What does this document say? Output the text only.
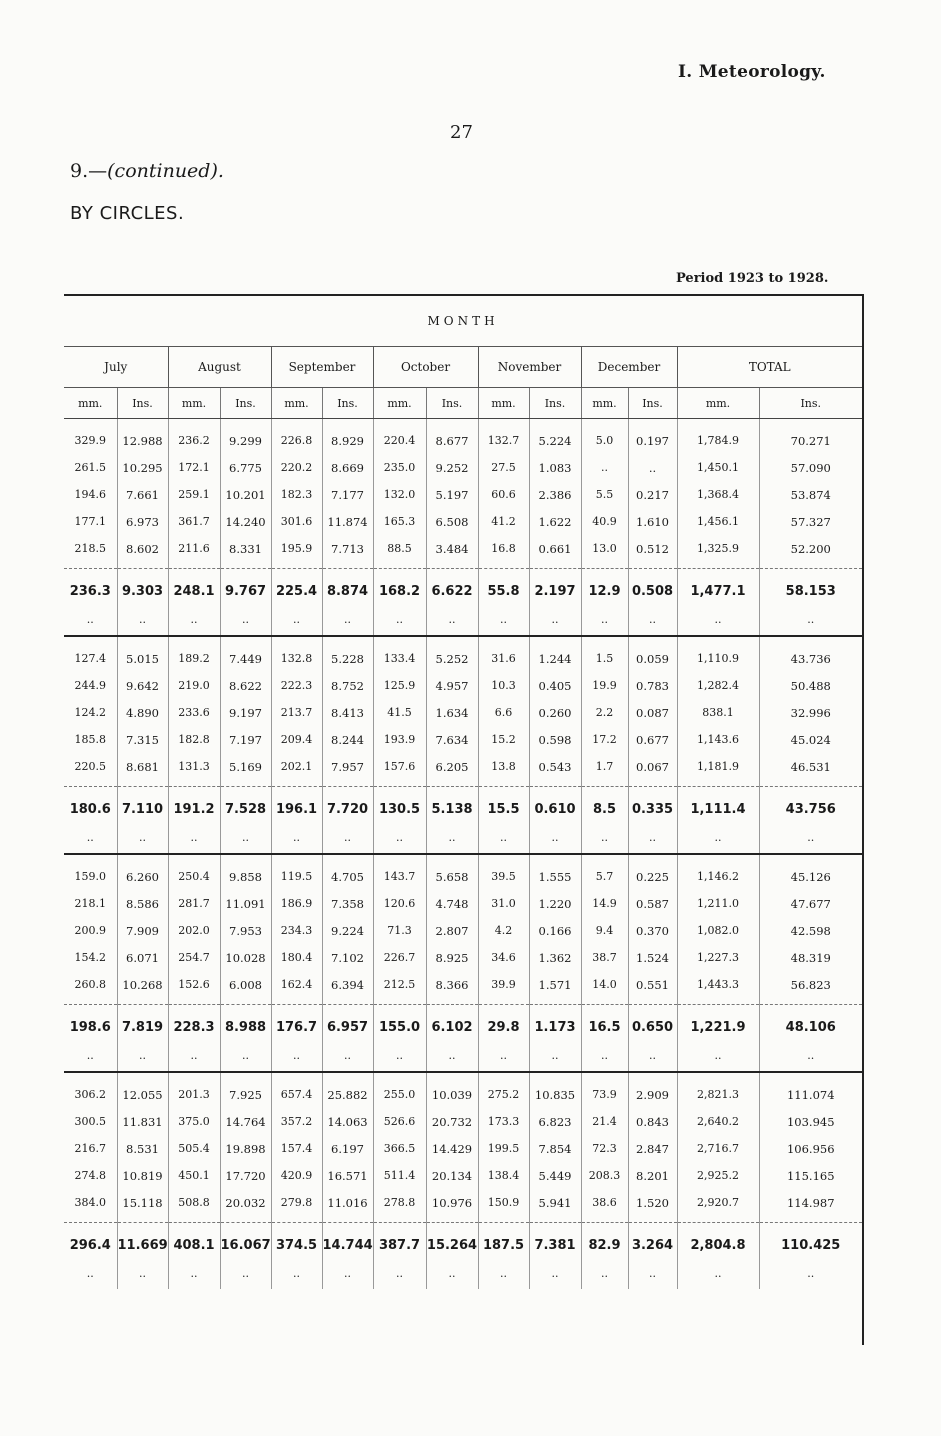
I. Meteorology.
27
9.—(continued).
BY CIRCLES.
Period 1923 to 1928.
MONTH													
July		August		September		October		November		December		TOTAL	
mm.	Ins.	mm.	Ins.	mm.	Ins.	mm.	Ins.	mm.	Ins.	mm.	Ins.	mm.	Ins.
329.9	12.988	236.2	9.299	226.8	8.929	220.4	8.677	132.7	5.224	5.0	0.197	1,784.9	70.271
261.5	10.295	172.1	6.775	220.2	8.669	235.0	9.252	27.5	1.083	..	..	1,450.1	57.090
194.6	7.661	259.1	10.201	182.3	7.177	132.0	5.197	60.6	2.386	5.5	0.217	1,368.4	53.874
177.1	6.973	361.7	14.240	301.6	11.874	165.3	6.508	41.2	1.622	40.9	1.610	1,456.1	57.327
218.5	8.602	211.6	8.331	195.9	7.713	88.5	3.484	16.8	0.661	13.0	0.512	1,325.9	52.200
236.3	9.303	248.1	9.767	225.4	8.874	168.2	6.622	55.8	2.197	12.9	0.508	1,477.1	58.153
..	..	..	..	..	..	..	..	..	..	..	..	..	..

127.4	5.015	189.2	7.449	132.8	5.228	133.4	5.252	31.6	1.244	1.5	0.059	1,110.9	43.736
244.9	9.642	219.0	8.622	222.3	8.752	125.9	4.957	10.3	0.405	19.9	0.783	1,282.4	50.488
124.2	4.890	233.6	9.197	213.7	8.413	41.5	1.634	6.6	0.260	2.2	0.087	838.1	32.996
185.8	7.315	182.8	7.197	209.4	8.244	193.9	7.634	15.2	0.598	17.2	0.677	1,143.6	45.024
220.5	8.681	131.3	5.169	202.1	7.957	157.6	6.205	13.8	0.543	1.7	0.067	1,181.9	46.531
180.6	7.110	191.2	7.528	196.1	7.720	130.5	5.138	15.5	0.610	8.5	0.335	1,111.4	43.756
..	..	..	..	..	..	..	..	..	..	..	..	..	..

159.0	6.260	250.4	9.858	119.5	4.705	143.7	5.658	39.5	1.555	5.7	0.225	1,146.2	45.126
218.1	8.586	281.7	11.091	186.9	7.358	120.6	4.748	31.0	1.220	14.9	0.587	1,211.0	47.677
200.9	7.909	202.0	7.953	234.3	9.224	71.3	2.807	4.2	0.166	9.4	0.370	1,082.0	42.598
154.2	6.071	254.7	10.028	180.4	7.102	226.7	8.925	34.6	1.362	38.7	1.524	1,227.3	48.319
260.8	10.268	152.6	6.008	162.4	6.394	212.5	8.366	39.9	1.571	14.0	0.551	1,443.3	56.823
198.6	7.819	228.3	8.988	176.7	6.957	155.0	6.102	29.8	1.173	16.5	0.650	1,221.9	48.106
..	..	..	..	..	..	..	..	..	..	..	..	..	..

306.2	12.055	201.3	7.925	657.4	25.882	255.0	10.039	275.2	10.835	73.9	2.909	2,821.3	111.074
300.5	11.831	375.0	14.764	357.2	14.063	526.6	20.732	173.3	6.823	21.4	0.843	2,640.2	103.945
216.7	8.531	505.4	19.898	157.4	6.197	366.5	14.429	199.5	7.854	72.3	2.847	2,716.7	106.956
274.8	10.819	450.1	17.720	420.9	16.571	511.4	20.134	138.4	5.449	208.3	8.201	2,925.2	115.165
384.0	15.118	508.8	20.032	279.8	11.016	278.8	10.976	150.9	5.941	38.6	1.520	2,920.7	114.987
296.4	11.669	408.1	16.067	374.5	14.744	387.7	15.264	187.5	7.381	82.9	3.264	2,804.8	110.425
..	..	..	..	..	..	..	..	..	..	..	..	..	..
